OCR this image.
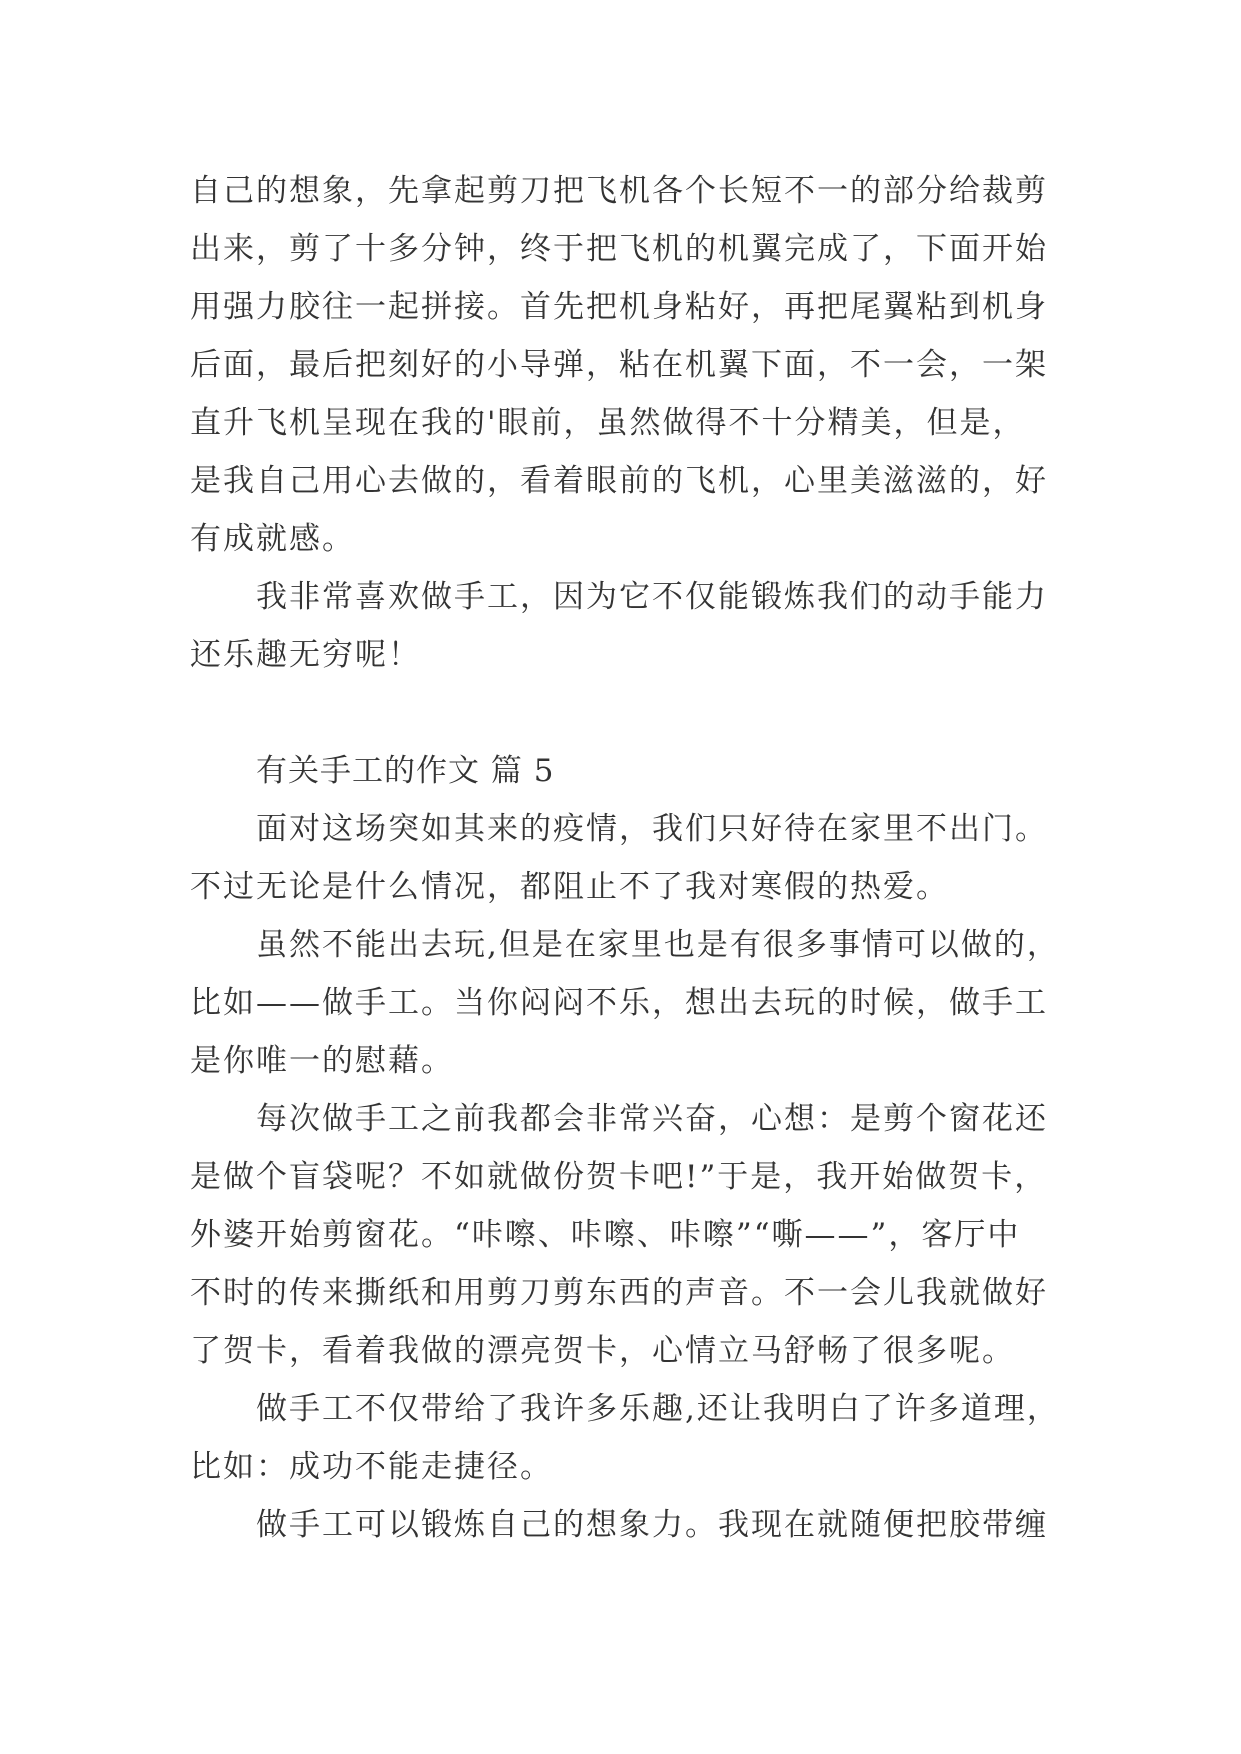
自己的想象，先拿起剪刀把飞机各个长短不一的部分给裁剪
出来，剪了十多分钟，终于把飞机的机翼完成了，下面开始
用强力胶往一起拼接。首先把机身粘好，再把尾翼粘到机身
后面，最后把刻好的小导弹，粘在机翼下面，不一会，一架
直升飞机呈现在我的'眼前，虽然做得不十分精美，但是，
是我自己用心去做的，看着眼前的飞机，心里美滋滋的，好
有成就感。
我非常喜欢做手工，因为它不仅能锻炼我们的动手能力
还乐趣无穷呢！
有关手工的作文 篇 5
面对这场突如其来的疫情，我们只好待在家里不出门。
不过无论是什么情况，都阻止不了我对寒假的热爱。
虽然不能出去玩,但是在家里也是有很多事情可以做的，
比如——做手工。当你闷闷不乐，想出去玩的时候，做手工
是你唯一的慰藉。
每次做手工之前我都会非常兴奋，心想：是剪个窗花还
是做个盲袋呢？不如就做份贺卡吧!”于是，我开始做贺卡，
外婆开始剪窗花。“咔嚓、咔嚓、咔嚓”“嘶——”，客厅中
不时的传来撕纸和用剪刀剪东西的声音。不一会儿我就做好
了贺卡，看着我做的漂亮贺卡，心情立马舒畅了很多呢。
做手工不仅带给了我许多乐趣,还让我明白了许多道理，
比如：成功不能走捷径。
做手工可以锻炼自己的想象力。我现在就随便把胶带缠
